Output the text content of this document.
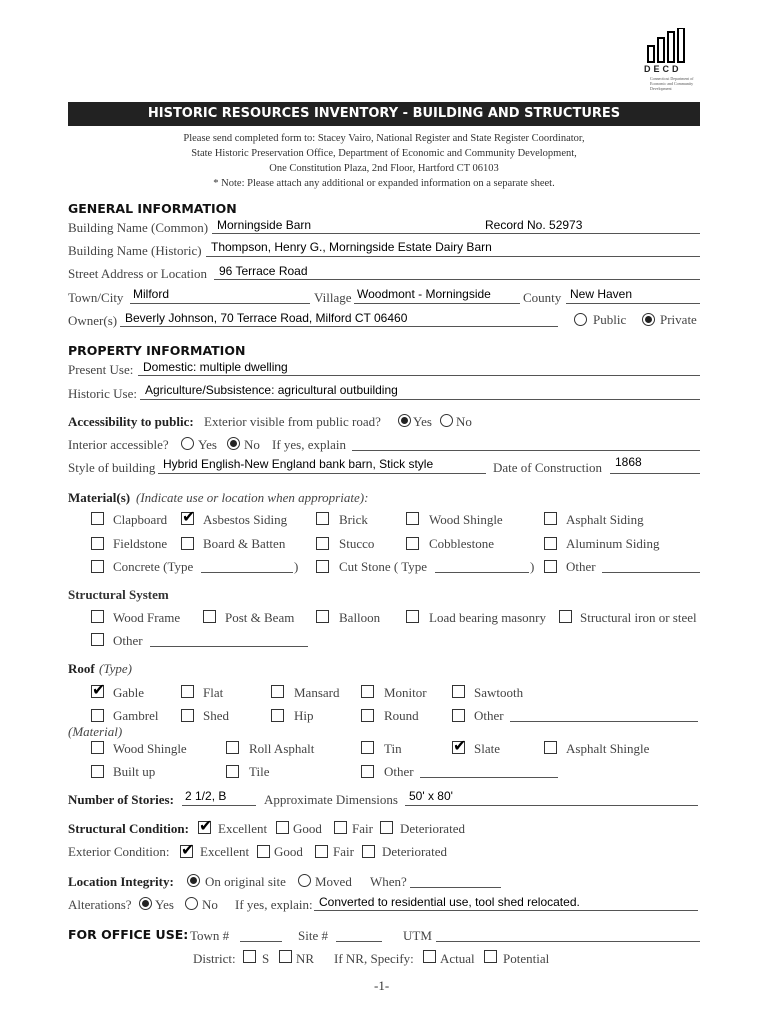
DECD
Connecticut Department of Economic and Community Development
HISTORIC RESOURCES INVENTORY - BUILDING AND STRUCTURES
Please send completed form to: Stacey Vairo, National Register and State Register Coordinator,
State Historic Preservation Office, Department of Economic and Community Development,
One Constitution Plaza, 2nd Floor, Hartford CT 06103
* Note: Please attach any additional or expanded information on a separate sheet.
GENERAL INFORMATION
Building Name (Common) Morningside Barn	Record No. 52973
Building Name (Historic) Thompson, Henry G., Morningside Estate Dairy Barn
Street Address or Location 96 Terrace Road
Town/City Milford	Village Woodmont - Morningside County New Haven
Owner(s) Beverly Johnson, 70 Terrace Road, Milford CT 06460	Public	Private
PROPERTY INFORMATION
Present Use: Domestic: multiple dwelling
Historic Use: Agriculture/Subsistence: agricultural outbuilding
Accessibility to public: Exterior visible from public road? Yes No
Interior accessible? Yes No If yes, explain
Style of building Hybrid English-New England bank barn, Stick style	Date of Construction 1868
Material(s) (Indicate use or location when appropriate):
Clapboard ✔ Asbestos Siding	Brick	Wood Shingle	Asphalt Siding
Fieldstone	Board & Batten	Stucco	Cobblestone	Aluminum Siding
Concrete (Type	)	Cut Stone ( Type	) Other
Structural System
Wood Frame	Post & Beam	Balloon	Load bearing masonry	Structural iron or steel
Other
Roof (Type)
✔ Gable	Flat	Mansard	Monitor	Sawtooth
Gambrel	Shed	Hip	Round	Other
(Material)
Wood Shingle	Roll Asphalt	Tin	✔ Slate	Asphalt Shingle
Built up	Tile	Other
Number of Stories: 2 1/2, B	Approximate Dimensions 50' x 80'
Structural Condition: ✔ Excellent Good Fair Deteriorated
Exterior Condition: ✔ Excellent Good Fair Deteriorated
Location Integrity: On original site Moved When?
Alterations? Yes No If yes, explain: Converted to residential use, tool shed relocated.
FOR OFFICE USE: Town #	Site #	UTM
District: S NR If NR, Specify: Actual Potential
-1-
